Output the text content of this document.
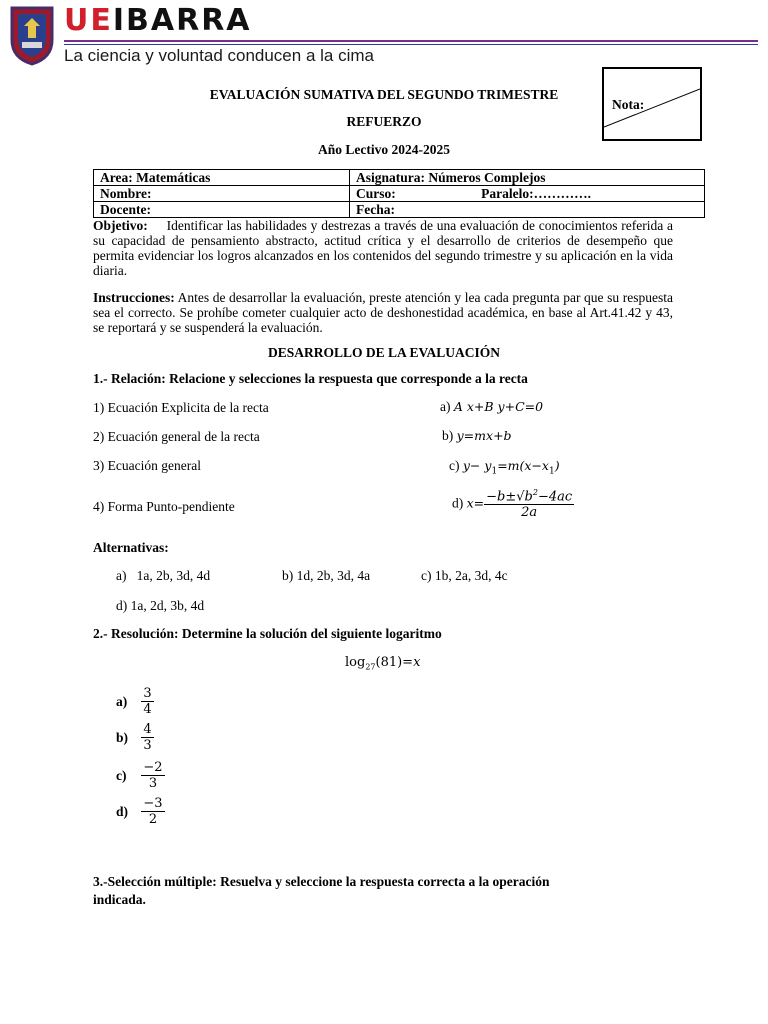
UEIBARRA
La ciencia y voluntad conducen a la cima
Nota:
EVALUACIÓN SUMATIVA DEL SEGUNDO TRIMESTRE
REFUERZO
Año Lectivo 2024-2025
Area: Matemáticas	Asignatura: Números Complejos
Nombre:	Curso: Paralelo:………….
Docente:	Fecha:
Objetivo: Identificar las habilidades y destrezas a través de una evaluación de conocimientos referida a su capacidad de pensamiento abstracto, actitud crítica y el desarrollo de criterios de desempeño que permita evidenciar los logros alcanzados en los contenidos del segundo trimestre y su aplicación en la vida diaria.
Instrucciones: Antes de desarrollar la evaluación, preste atención y lea cada pregunta par que su respuesta sea el correcto. Se prohíbe cometer cualquier acto de deshonestidad académica, en base al Art.41.42 y 43, se reportará y se suspenderá la evaluación.
DESARROLLO DE LA EVALUACIÓN
1.- Relación: Relacione y selecciones la respuesta que corresponde a la recta
1) Ecuación Explicita de la recta
2) Ecuación general de la recta
3) Ecuación general
4) Forma Punto-pendiente
a) A x+B y+C=0
b) y=mx+b
c) $y- y_1=m(x-x_1)$
d) $x= \frac{-b\pm√b^2-4ac}{2a}$
Alternativas:
a) 1a, 2b, 3d, 4d	b) 1d, 2b, 3d, 4a	c) 1b, 2a, 3d, 4c
d) 1a, 2d, 3b, 4d
2.- Resolución: Determine la solución del siguiente logaritmo
$\log_{27}(81)=x$
$a) \frac{3}{4}$
$b) \frac{4}{3}$
$c) \frac{-2}{3}$
$d) \frac{-3}{2}$
3.-Selección múltiple: Resuelva y seleccione la respuesta correcta a la operación
indicada.
